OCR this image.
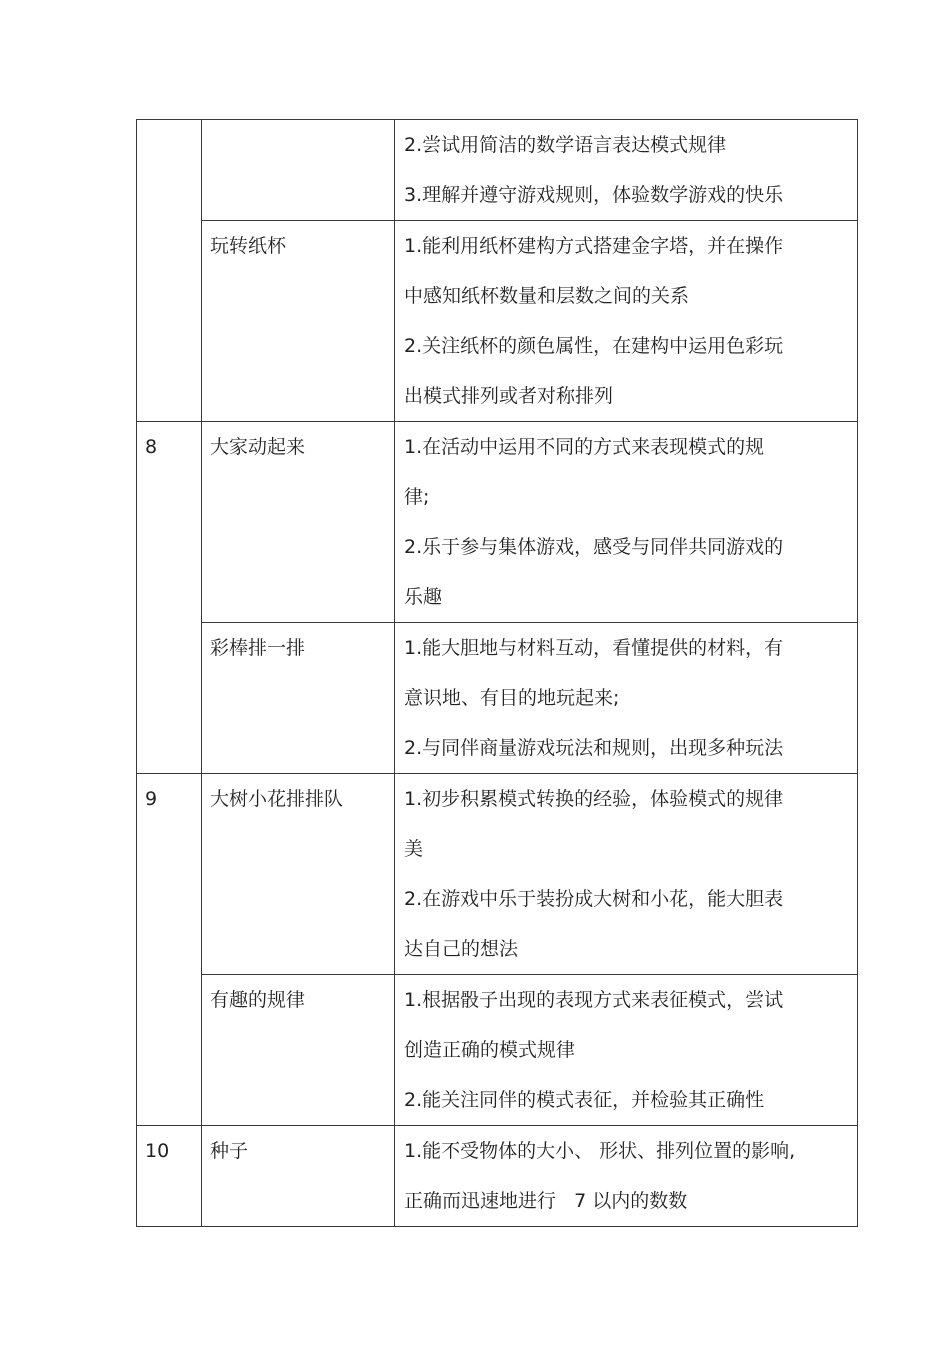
		2.尝试用简洁的数学语言表达模式规律
3.理解并遵守游戏规则，体验数学游戏的快乐

	玩转纸杯	1.能利用纸杯建构方式搭建金字塔，并在操作
中感知纸杯数量和层数之间的关系
2.关注纸杯的颜色属性，在建构中运用色彩玩
出模式排列或者对称排列

8	大家动起来	1.在活动中运用不同的方式来表现模式的规
律;
2.乐于参与集体游戏，感受与同伴共同游戏的
乐趣

	彩棒排一排	1.能大胆地与材料互动，看懂提供的材料，有
意识地、有目的地玩起来;
2.与同伴商量游戏玩法和规则，出现多种玩法

9	大树小花排排队	1.初步积累模式转换的经验，体验模式的规律
美
2.在游戏中乐于装扮成大树和小花，能大胆表
达自己的想法

	有趣的规律	1.根据骰子出现的表现方式来表征模式，尝试
创造正确的模式规律
2.能关注同伴的模式表征，并检验其正确性

10	种子	1.能不受物体的大小、 形状、排列位置的影响,
正确而迅速地进行   7 以内的数数
